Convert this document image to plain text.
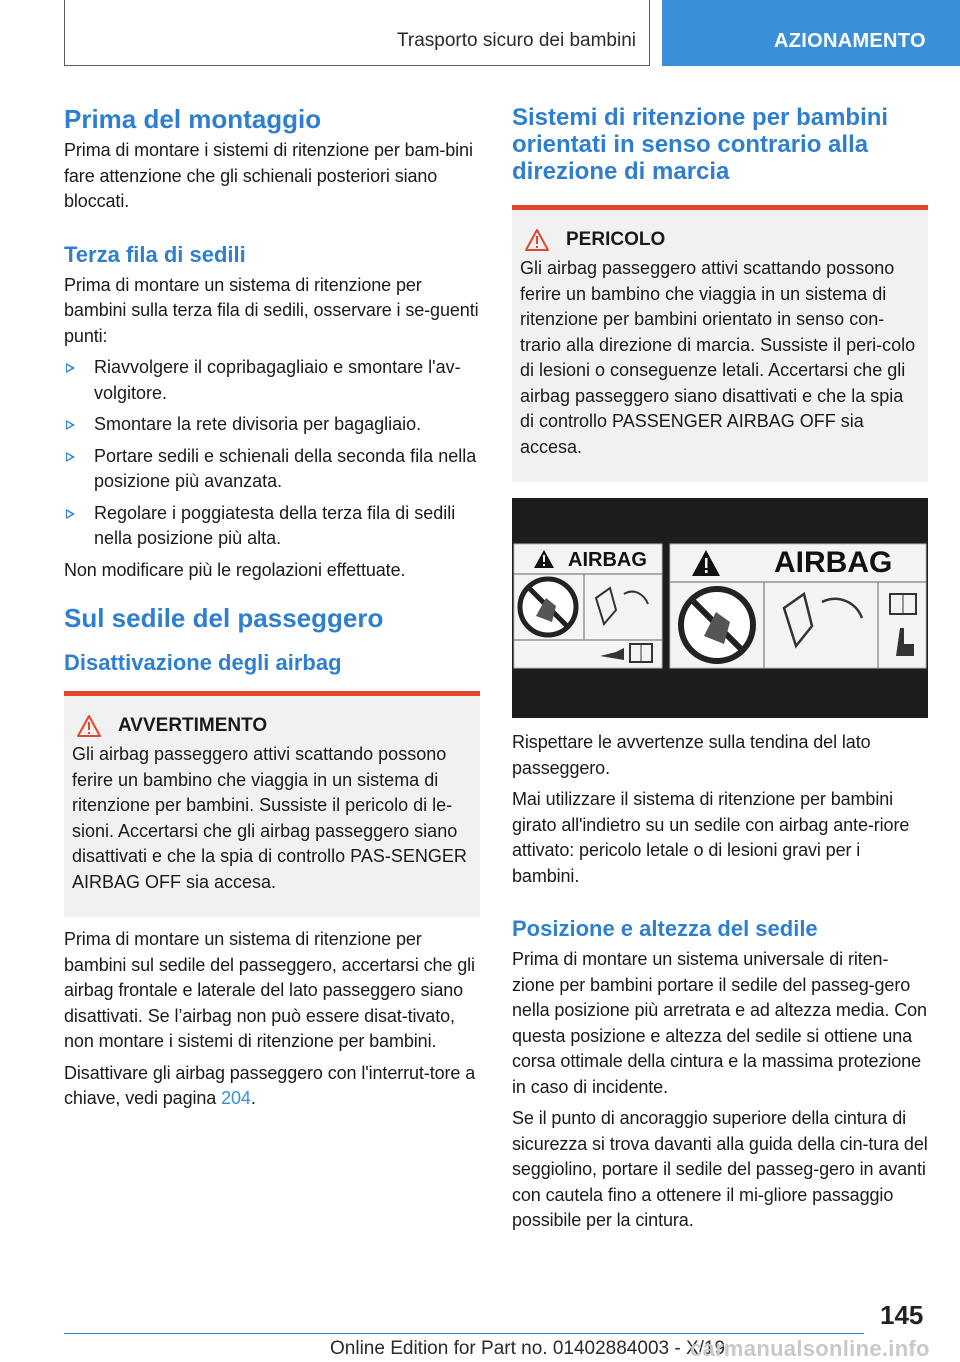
Trasporto sicuro dei bambini	AZIONAMENTO
Prima del montaggio

Prima di montare i sistemi di ritenzione per bam-bini fare attenzione che gli schienali posteriori siano bloccati.

Terza fila di sedili

Prima di montare un sistema di ritenzione per bambini sulla terza fila di sedili, osservare i se-guenti punti:

Riavvolgere il copribagagliaio e smontare l'av-volgitore.
Smontare la rete divisoria per bagagliaio.
Portare sedili e schienali della seconda fila nella posizione più avanzata.
Regolare i poggiatesta della terza fila di sedili nella posizione più alta.

Non modificare più le regolazioni effettuate.

Sul sedile del passeggero
Disattivazione degli airbag
AVVERTIMENTO

Gli airbag passeggero attivi scattando possono ferire un bambino che viaggia in un sistema di ritenzione per bambini. Sussiste il pericolo di le-sioni. Accertarsi che gli airbag passeggero siano disattivati e che la spia di controllo PAS-SENGER AIRBAG OFF sia accesa.

Prima di montare un sistema di ritenzione per bambini sul sedile del passeggero, accertarsi che gli airbag frontale e laterale del lato passeggero siano disattivati. Se l’airbag non può essere disat-tivato, non montare i sistemi di ritenzione per bambini.

Disattivare gli airbag passeggero con l'interrut-tore a chiave, vedi pagina 204.

Sistemi di ritenzione per bambini orientati in senso contrario alla direzione di marcia
PERICOLO

Gli airbag passeggero attivi scattando possono ferire un bambino che viaggia in un sistema di ritenzione per bambini orientato in senso con-trario alla direzione di marcia. Sussiste il peri-colo di lesioni o conseguenze letali. Accertarsi che gli airbag passeggero siano disattivati e che la spia di controllo PASSENGER AIRBAG OFF sia accesa.

AIRBAG	AIRBAG

Rispettare le avvertenze sulla tendina del lato passeggero.

Mai utilizzare il sistema di ritenzione per bambini girato all'indietro su un sedile con airbag ante-riore attivato: pericolo letale o di lesioni gravi per i bambini.

Posizione e altezza del sedile

Prima di montare un sistema universale di riten-zione per bambini portare il sedile del passeg-gero nella posizione più arretrata e ad altezza media. Con questa posizione e altezza del sedile si ottiene una corsa ottimale della cintura e la massima protezione in caso di incidente.

Se il punto di ancoraggio superiore della cintura di sicurezza si trova davanti alla guida della cin-tura del seggiolino, portare il sedile del passeg-gero in avanti con cautela fino a ottenere il mi-gliore passaggio possibile per la cintura.

145
Online Edition for Part no. 01402884003 - X/19
carmanualsonline.info
